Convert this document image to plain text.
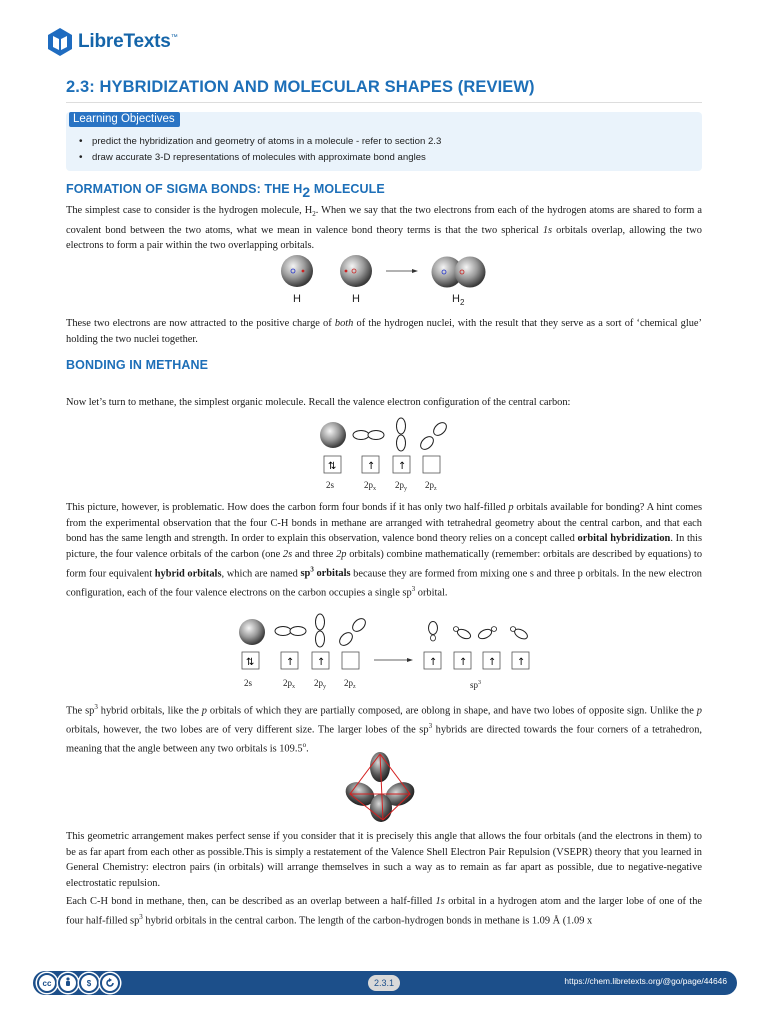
LibreTexts™
2.3: HYBRIDIZATION AND MOLECULAR SHAPES (REVIEW)
Learning Objectives
• predict the hybridization and geometry of atoms in a molecule - refer to section 2.3
• draw accurate 3-D representations of molecules with approximate bond angles
FORMATION OF SIGMA BONDS: THE $H_2$ MOLECULE

The simplest case to consider is the hydrogen molecule, $H_2$. When we say that the two electrons from each of the hydrogen atoms are shared to form a covalent bond between the two atoms, what we mean in valence bond theory terms is that the two spherical 1s orbitals overlap, allowing the two electrons to form a pair within the two overlapping orbitals.

H	H	$H_2$

These two electrons are now attracted to the positive charge of both of the hydrogen nuclei, with the result that they serve as a sort of ‘chemical glue’ holding the two nuclei together.

BONDING IN METHANE

Now let’s turn to methane, the simplest organic molecule. Recall the valence electron configuration of the central carbon:

⇅	↑ ↑
2s	$2p_x$ $2p_y$ $2p_z$

This picture, however, is problematic. How does the carbon form four bonds if it has only two half-filled p orbitals available for bonding? A hint comes from the experimental observation that the four C-H bonds in methane are arranged with tetrahedral geometry about the central carbon, and that each bond has the same length and strength. In order to explain this observation, valence bond theory relies on a concept called orbital hybridization. In this picture, the four valence orbitals of the carbon (one 2s and three 2p orbitals) combine mathematically (remember: orbitals are described by equations) to form four equivalent hybrid orbitals, which are named $sp^3$ orbitals because they are formed from mixing one s and three p orbitals. In the new electron configuration, each of the four valence electrons on the carbon occupies a single $sp^3$ orbital.

⇅	↑ ↑
2s	$2p_x$ $2p_y$ $2p_z$
↑ ↑ ↑ ↑
$sp^3$

The $sp^3$ hybrid orbitals, like the p orbitals of which they are partially composed, are oblong in shape, and have two lobes of opposite sign. Unlike the p orbitals, however, the two lobes are of very different size. The larger lobes of the $sp^3$ hybrids are directed towards the four corners of a tetrahedron, meaning that the angle between any two orbitals is 109.5$^o$.

This geometric arrangement makes perfect sense if you consider that it is precisely this angle that allows the four orbitals (and the electrons in them) to be as far apart from each other as possible.This is simply a restatement of the Valence Shell Electron Pair Repulsion (VSEPR) theory that you learned in General Chemistry: electron pairs (in orbitals) will arrange themselves in such a way as to remain as far apart as possible, due to negative-negative electrostatic repulsion.

Each C-H bond in methane, then, can be described as an overlap between a half-filled 1s orbital in a hydrogen atom and the larger lobe of one of the four half-filled $sp^3$ hybrid orbitals in the central carbon. The length of the carbon-hydrogen bonds in methane is 1.09 Å (1.09 x

cc	$	2.3.1	https://chem.libretexts.org/@go/page/44646
